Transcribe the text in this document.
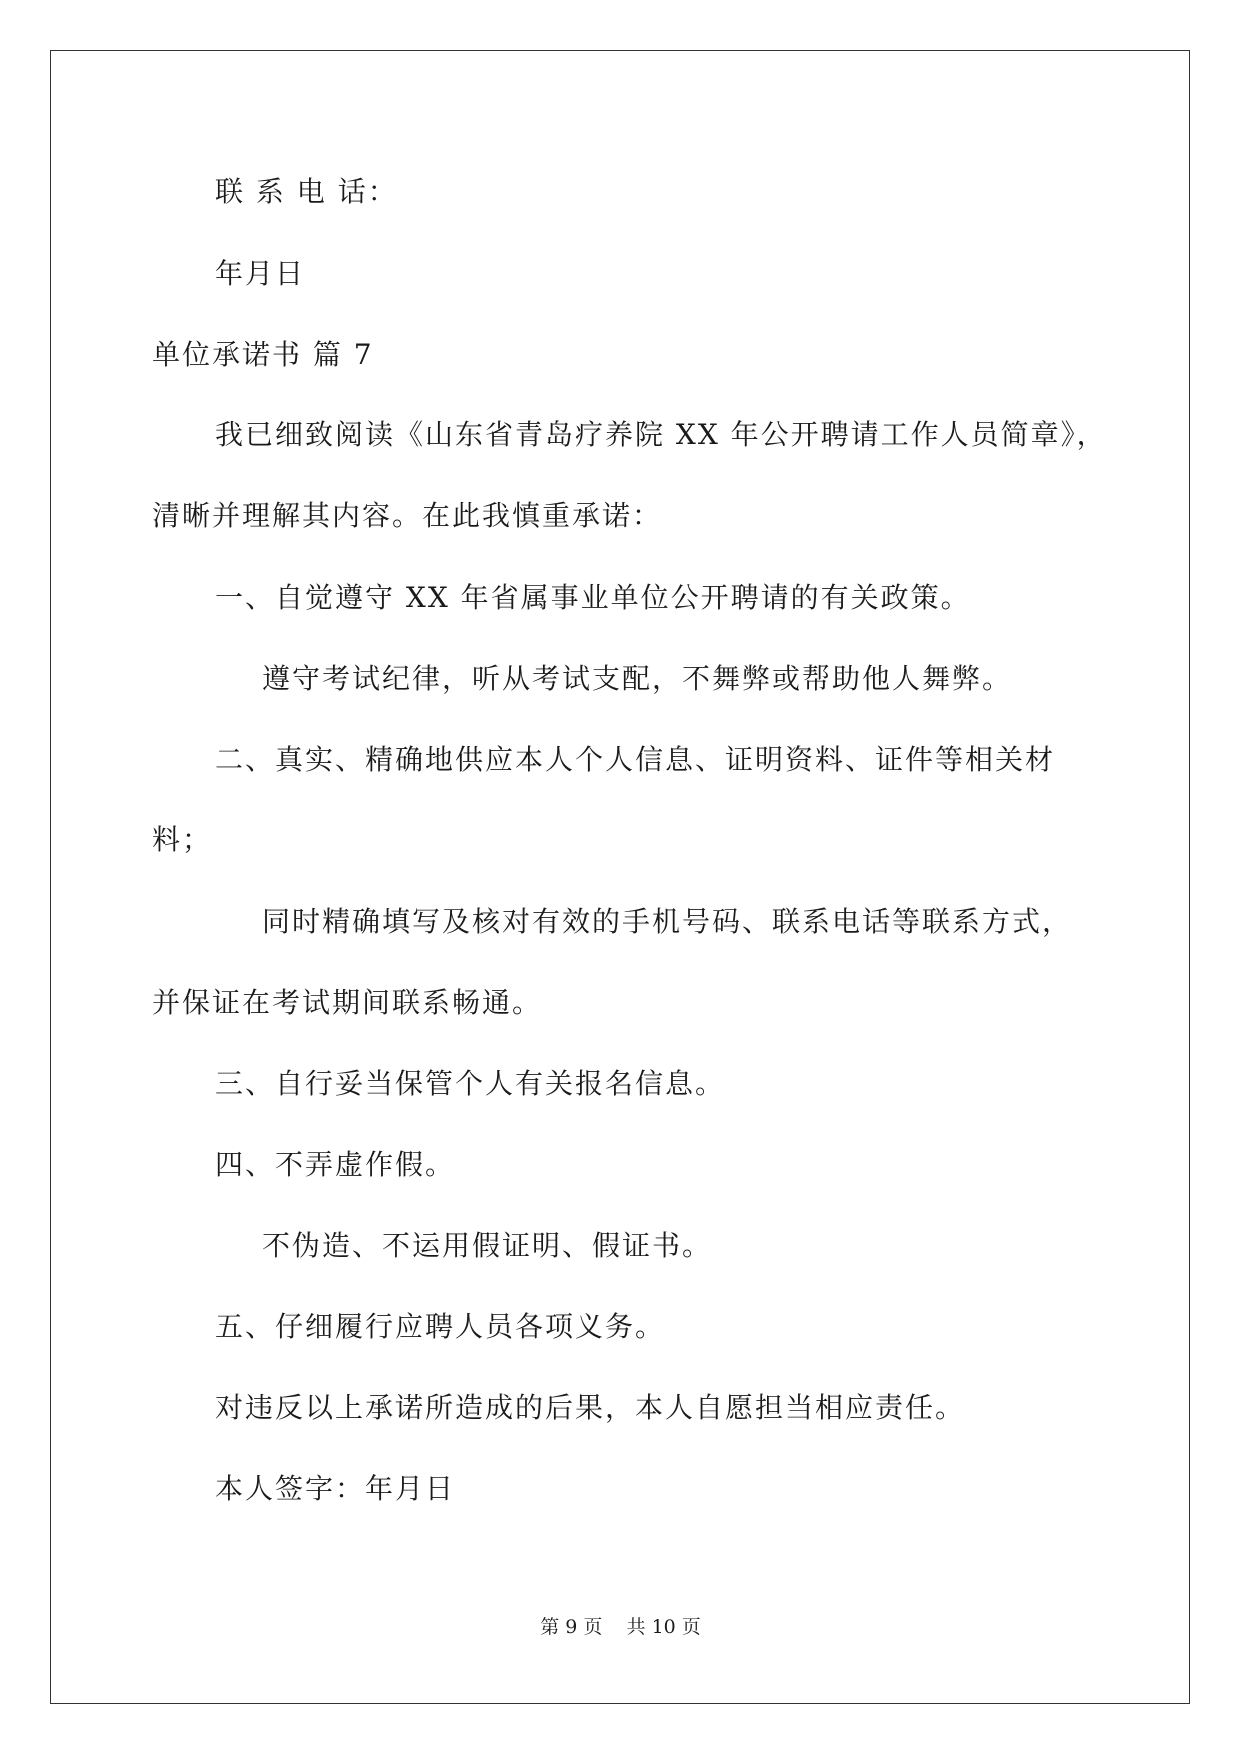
联 系 电 话：
年月日
单位承诺书 篇 7
我已细致阅读《山东省青岛疗养院 XX 年公开聘请工作人员简章》，
清晰并理解其内容。在此我慎重承诺：
一、自觉遵守 XX 年省属事业单位公开聘请的有关政策。
遵守考试纪律，听从考试支配，不舞弊或帮助他人舞弊。
二、真实、精确地供应本人个人信息、证明资料、证件等相关材
料；
同时精确填写及核对有效的手机号码、联系电话等联系方式，
并保证在考试期间联系畅通。
三、自行妥当保管个人有关报名信息。
四、不弄虚作假。
不伪造、不运用假证明、假证书。
五、仔细履行应聘人员各项义务。
对违反以上承诺所造成的后果，本人自愿担当相应责任。
本人签字：年月日
第 9 页    共 10 页
